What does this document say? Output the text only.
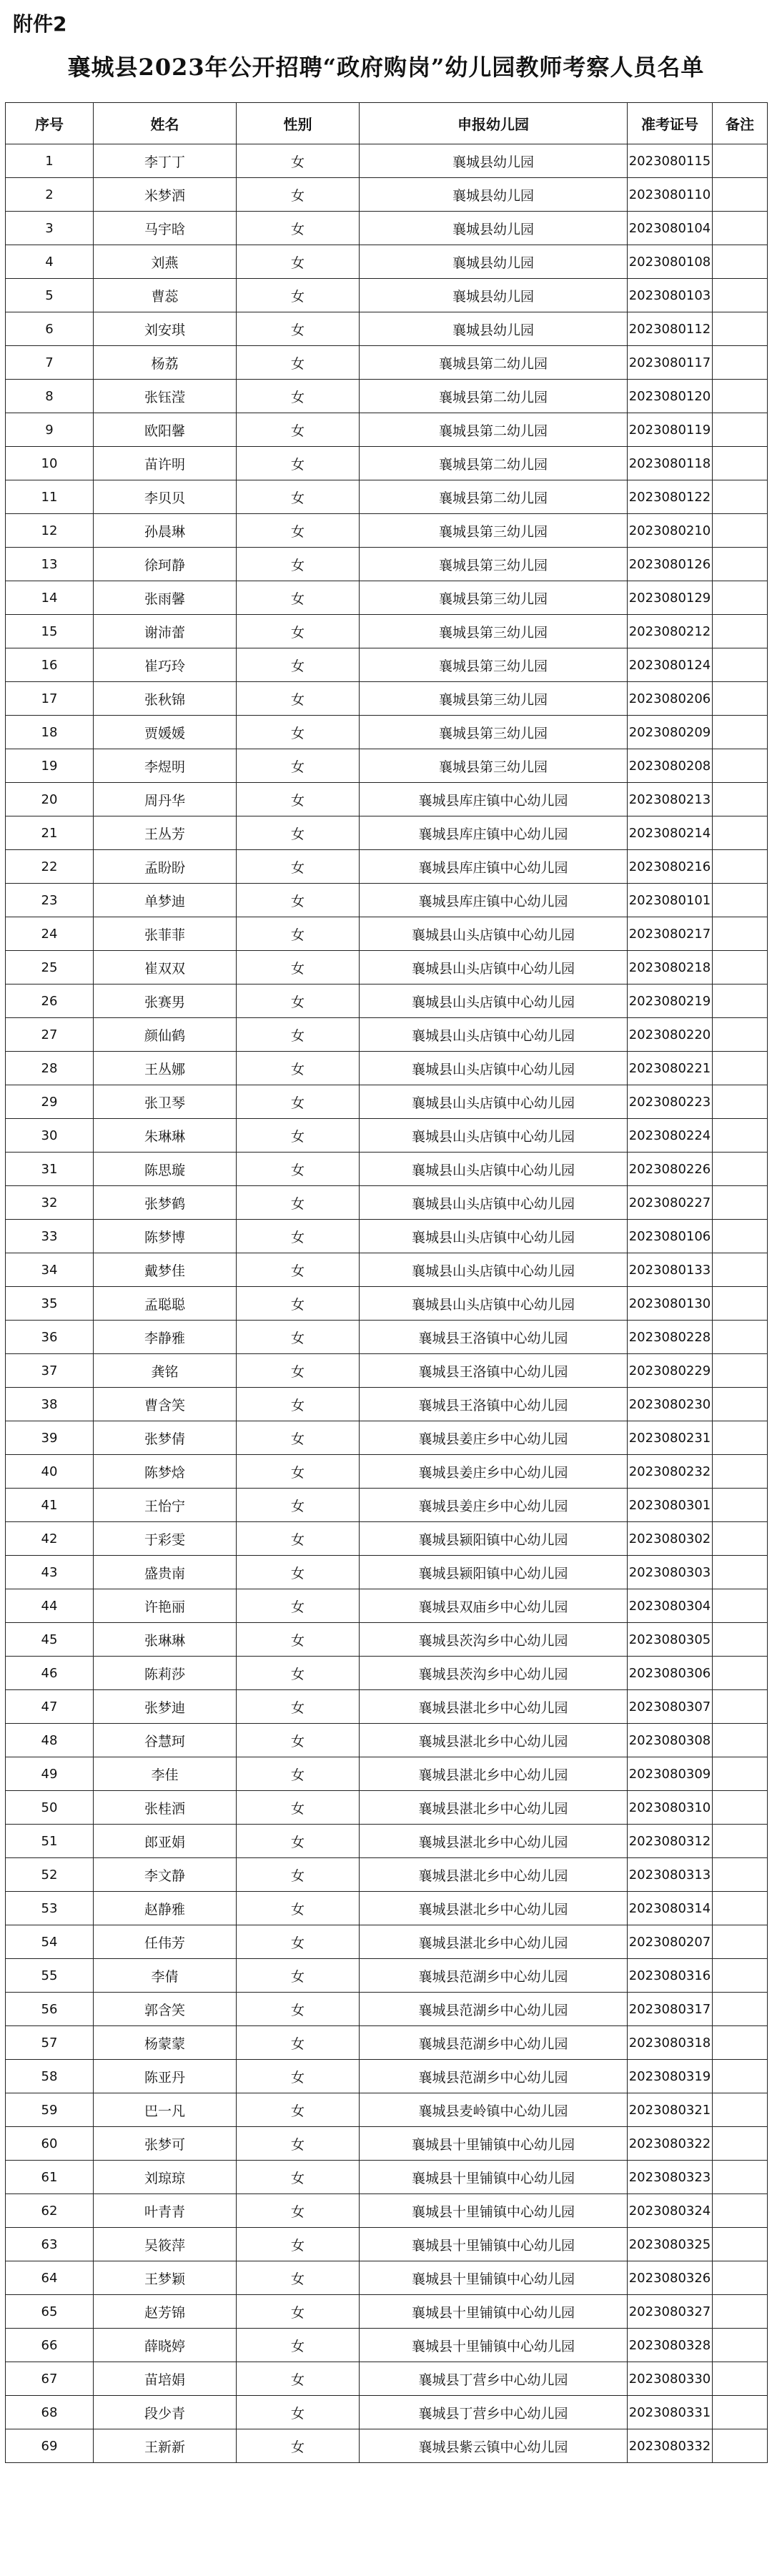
附件2
襄城县2023年公开招聘“政府购岗”幼儿园教师考察人员名单
序号	姓名	性别	申报幼儿园	准考证号	备注
1	李丁丁	女	襄城县幼儿园	2023080115	
2	米梦洒	女	襄城县幼儿园	2023080110	
3	马宇晗	女	襄城县幼儿园	2023080104	
4	刘燕	女	襄城县幼儿园	2023080108	
5	曹蕊	女	襄城县幼儿园	2023080103	
6	刘安琪	女	襄城县幼儿园	2023080112	
7	杨荔	女	襄城县第二幼儿园	2023080117	
8	张钰滢	女	襄城县第二幼儿园	2023080120	
9	欧阳馨	女	襄城县第二幼儿园	2023080119	
10	苗许明	女	襄城县第二幼儿园	2023080118	
11	李贝贝	女	襄城县第二幼儿园	2023080122	
12	孙晨琳	女	襄城县第三幼儿园	2023080210	
13	徐珂静	女	襄城县第三幼儿园	2023080126	
14	张雨馨	女	襄城县第三幼儿园	2023080129	
15	谢沛蕾	女	襄城县第三幼儿园	2023080212	
16	崔巧玲	女	襄城县第三幼儿园	2023080124	
17	张秋锦	女	襄城县第三幼儿园	2023080206	
18	贾媛媛	女	襄城县第三幼儿园	2023080209	
19	李煜明	女	襄城县第三幼儿园	2023080208	
20	周丹华	女	襄城县库庄镇中心幼儿园	2023080213	
21	王丛芳	女	襄城县库庄镇中心幼儿园	2023080214	
22	孟盼盼	女	襄城县库庄镇中心幼儿园	2023080216	
23	单梦迪	女	襄城县库庄镇中心幼儿园	2023080101	
24	张菲菲	女	襄城县山头店镇中心幼儿园	2023080217	
25	崔双双	女	襄城县山头店镇中心幼儿园	2023080218	
26	张赛男	女	襄城县山头店镇中心幼儿园	2023080219	
27	颜仙鹤	女	襄城县山头店镇中心幼儿园	2023080220	
28	王丛娜	女	襄城县山头店镇中心幼儿园	2023080221	
29	张卫琴	女	襄城县山头店镇中心幼儿园	2023080223	
30	朱琳琳	女	襄城县山头店镇中心幼儿园	2023080224	
31	陈思璇	女	襄城县山头店镇中心幼儿园	2023080226	
32	张梦鹤	女	襄城县山头店镇中心幼儿园	2023080227	
33	陈梦博	女	襄城县山头店镇中心幼儿园	2023080106	
34	戴梦佳	女	襄城县山头店镇中心幼儿园	2023080133	
35	孟聪聪	女	襄城县山头店镇中心幼儿园	2023080130	
36	李静雅	女	襄城县王洛镇中心幼儿园	2023080228	
37	龚铭	女	襄城县王洛镇中心幼儿园	2023080229	
38	曹含笑	女	襄城县王洛镇中心幼儿园	2023080230	
39	张梦倩	女	襄城县姜庄乡中心幼儿园	2023080231	
40	陈梦焓	女	襄城县姜庄乡中心幼儿园	2023080232	
41	王怡宁	女	襄城县姜庄乡中心幼儿园	2023080301	
42	于彩雯	女	襄城县颍阳镇中心幼儿园	2023080302	
43	盛贵南	女	襄城县颍阳镇中心幼儿园	2023080303	
44	许艳丽	女	襄城县双庙乡中心幼儿园	2023080304	
45	张琳琳	女	襄城县茨沟乡中心幼儿园	2023080305	
46	陈莉莎	女	襄城县茨沟乡中心幼儿园	2023080306	
47	张梦迪	女	襄城县湛北乡中心幼儿园	2023080307	
48	谷慧珂	女	襄城县湛北乡中心幼儿园	2023080308	
49	李佳	女	襄城县湛北乡中心幼儿园	2023080309	
50	张桂洒	女	襄城县湛北乡中心幼儿园	2023080310	
51	郎亚娟	女	襄城县湛北乡中心幼儿园	2023080312	
52	李文静	女	襄城县湛北乡中心幼儿园	2023080313	
53	赵静雅	女	襄城县湛北乡中心幼儿园	2023080314	
54	任伟芳	女	襄城县湛北乡中心幼儿园	2023080207	
55	李倩	女	襄城县范湖乡中心幼儿园	2023080316	
56	郭含笑	女	襄城县范湖乡中心幼儿园	2023080317	
57	杨蒙蒙	女	襄城县范湖乡中心幼儿园	2023080318	
58	陈亚丹	女	襄城县范湖乡中心幼儿园	2023080319	
59	巴一凡	女	襄城县麦岭镇中心幼儿园	2023080321	
60	张梦可	女	襄城县十里铺镇中心幼儿园	2023080322	
61	刘琼琼	女	襄城县十里铺镇中心幼儿园	2023080323	
62	叶青青	女	襄城县十里铺镇中心幼儿园	2023080324	
63	吴筱萍	女	襄城县十里铺镇中心幼儿园	2023080325	
64	王梦颖	女	襄城县十里铺镇中心幼儿园	2023080326	
65	赵芳锦	女	襄城县十里铺镇中心幼儿园	2023080327	
66	薛晓婷	女	襄城县十里铺镇中心幼儿园	2023080328	
67	苗培娟	女	襄城县丁营乡中心幼儿园	2023080330	
68	段少青	女	襄城县丁营乡中心幼儿园	2023080331	
69	王新新	女	襄城县紫云镇中心幼儿园	2023080332	
